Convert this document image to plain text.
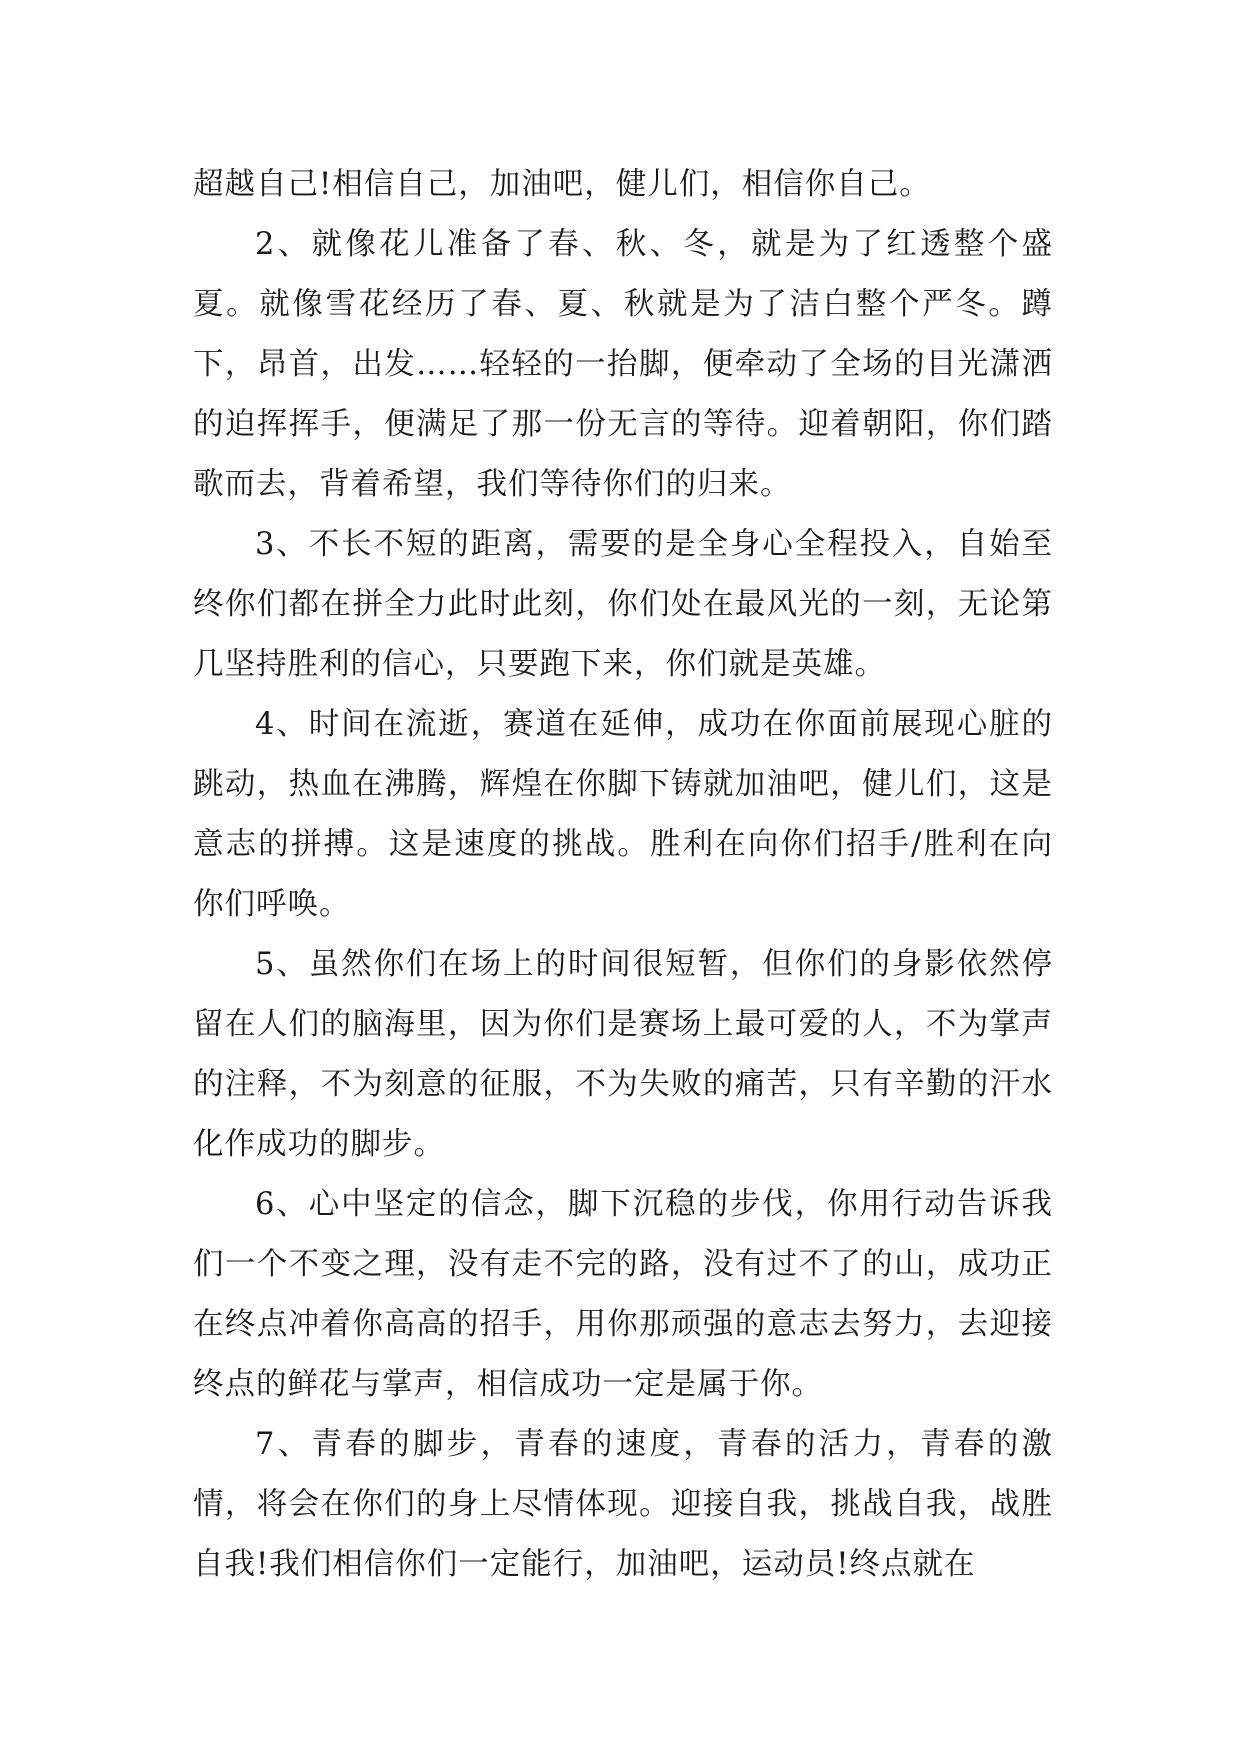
超越自己!相信自己，加油吧，健儿们，相信你自己。

2、就像花儿准备了春、秋、冬，就是为了红透整个盛夏。就像雪花经历了春、夏、秋就是为了洁白整个严冬。蹲下，昂首，出发……轻轻的一抬脚，便牵动了全场的目光潇洒的迫挥挥手，便满足了那一份无言的等待。迎着朝阳，你们踏歌而去，背着希望，我们等待你们的归来。

3、不长不短的距离，需要的是全身心全程投入，自始至终你们都在拼全力此时此刻，你们处在最风光的一刻，无论第几坚持胜利的信心，只要跑下来，你们就是英雄。

4、时间在流逝，赛道在延伸，成功在你面前展现心脏的跳动，热血在沸腾，辉煌在你脚下铸就加油吧，健儿们，这是意志的拼搏。这是速度的挑战。胜利在向你们招手/胜利在向你们呼唤。

5、虽然你们在场上的时间很短暂，但你们的身影依然停留在人们的脑海里，因为你们是赛场上最可爱的人，不为掌声的注释，不为刻意的征服，不为失败的痛苦，只有辛勤的汗水化作成功的脚步。

6、心中坚定的信念，脚下沉稳的步伐，你用行动告诉我们一个不变之理，没有走不完的路，没有过不了的山，成功正在终点冲着你高高的招手，用你那顽强的意志去努力，去迎接终点的鲜花与掌声，相信成功一定是属于你。

7、青春的脚步，青春的速度，青春的活力，青春的激情，将会在你们的身上尽情体现。迎接自我，挑战自我，战胜自我!我们相信你们一定能行，加油吧，运动员!终点就在
